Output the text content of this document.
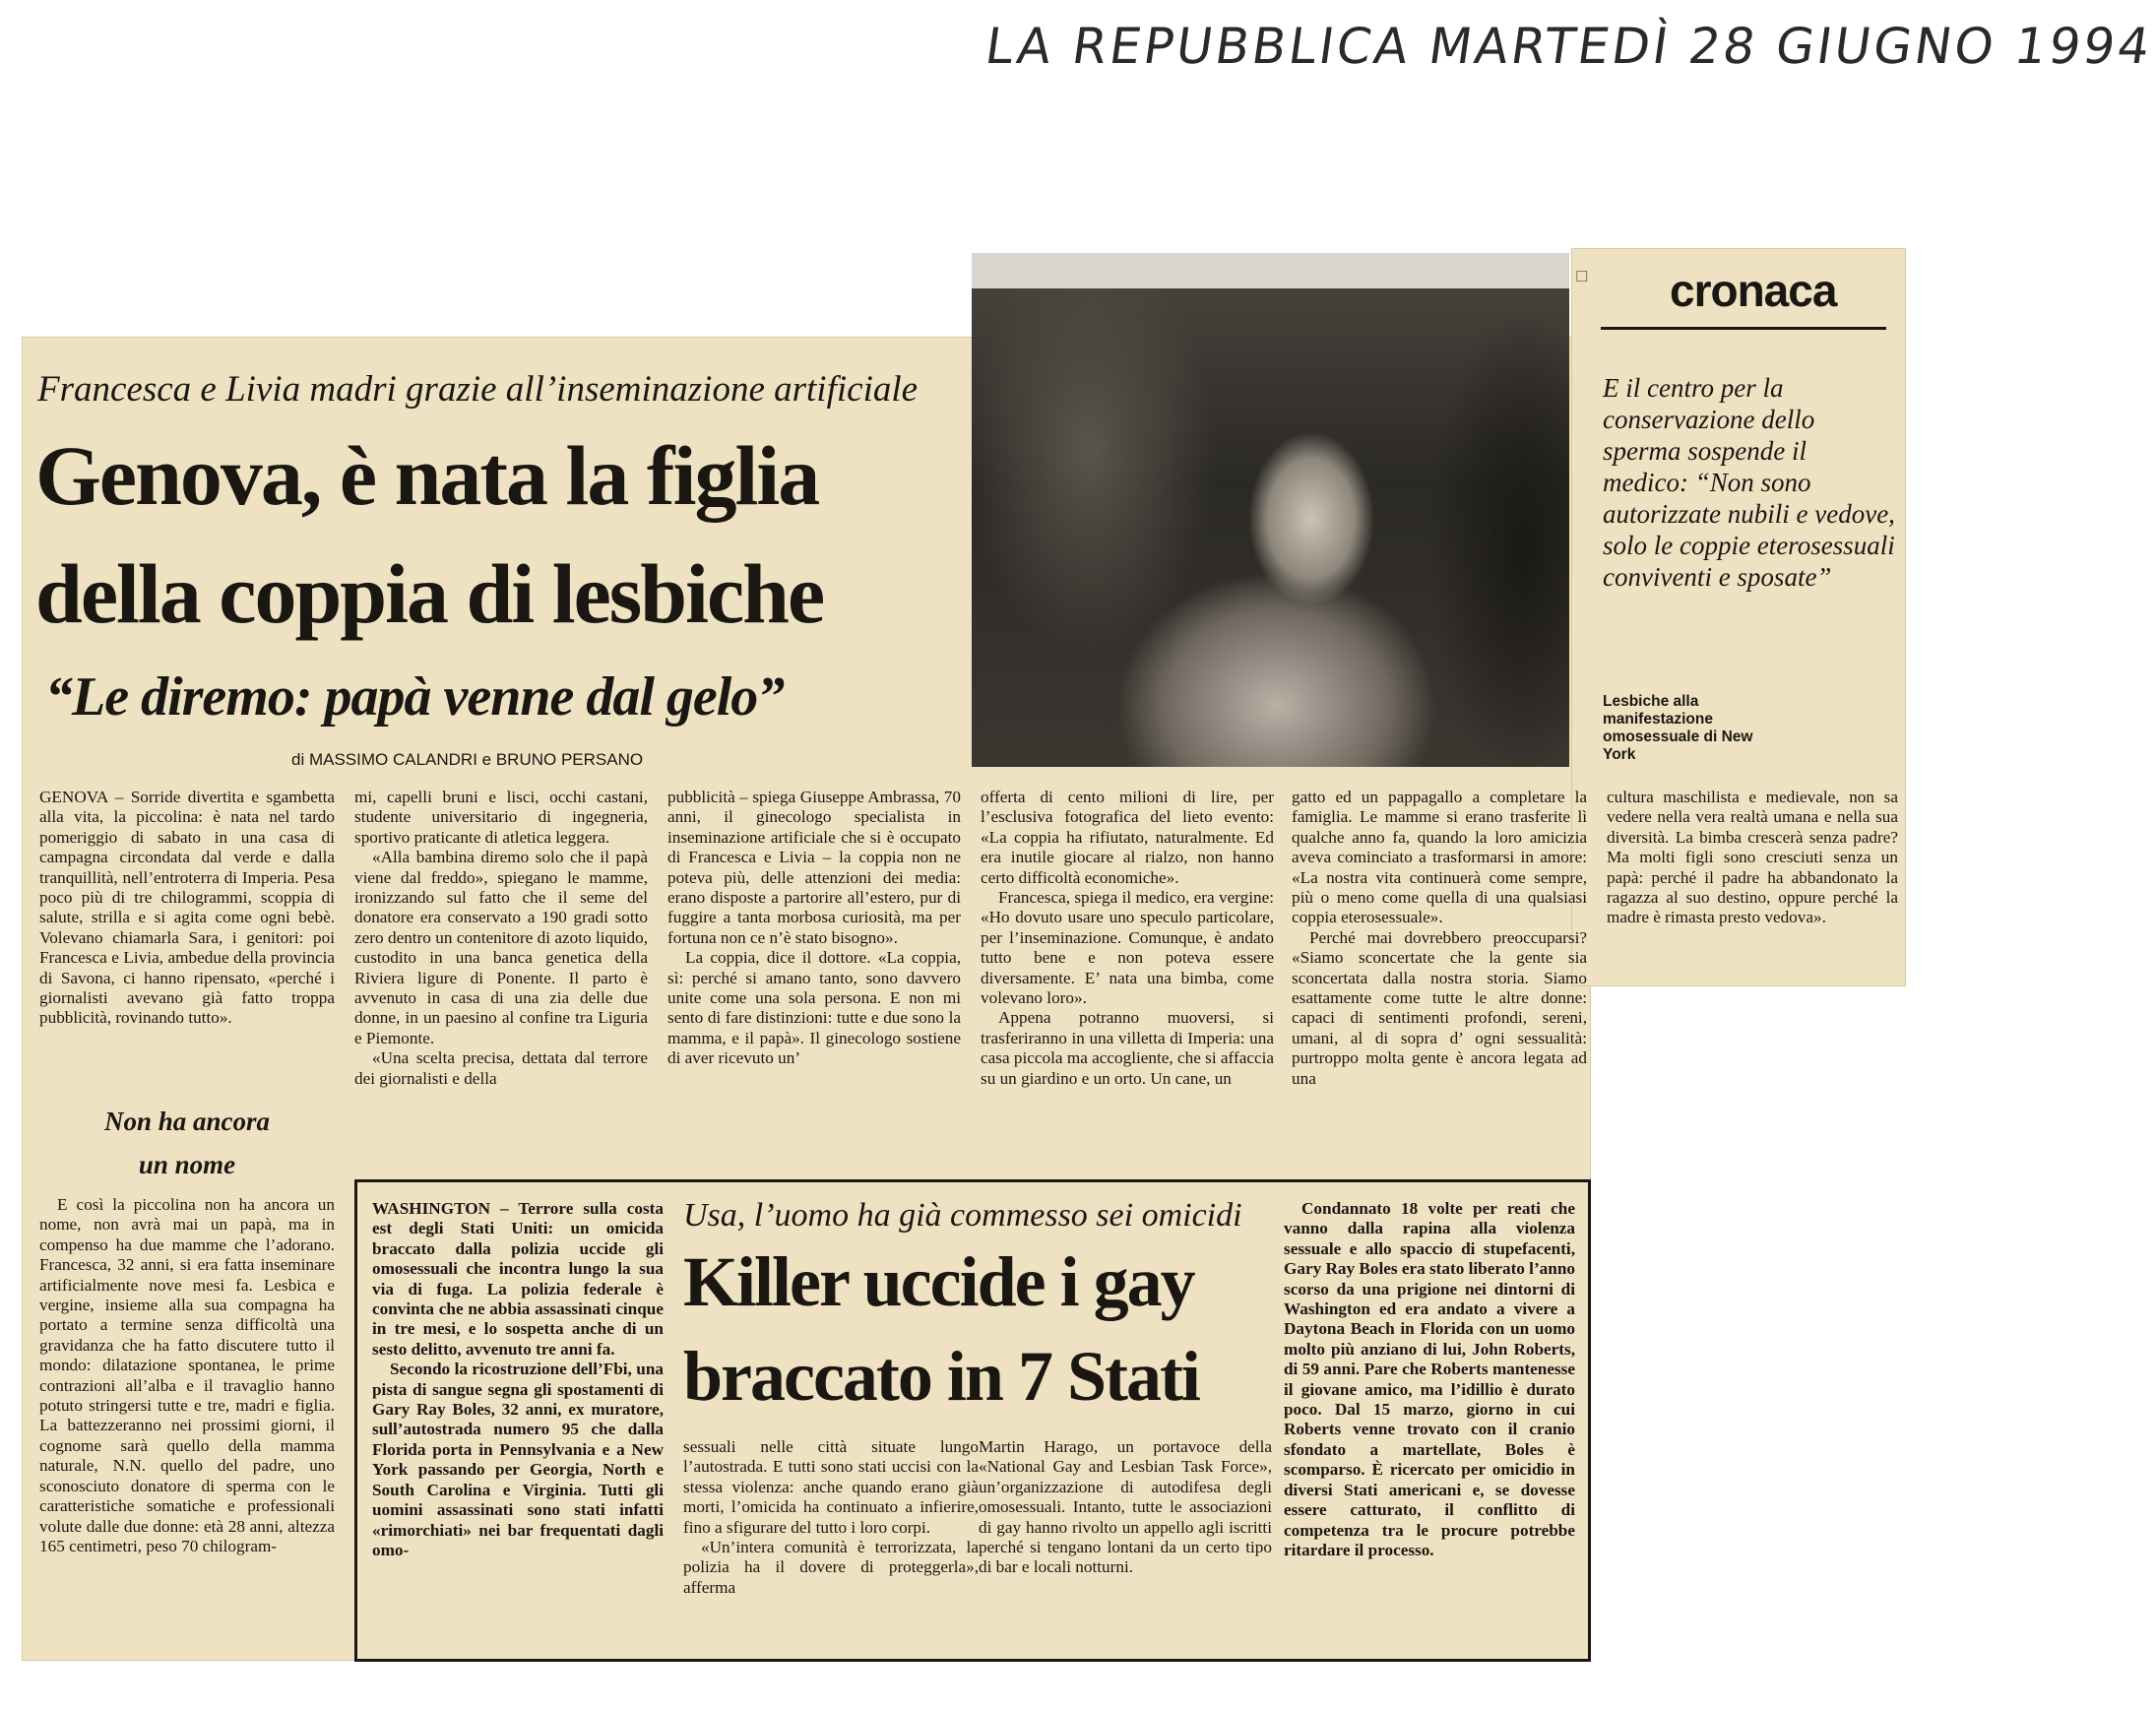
LA REPUBBLICA MARTEDÌ 28 GIUGNO 1994
☐ cronaca
E il centro per la conservazione dello sperma sospende il medico: “Non sono autorizzate nubili e vedove, solo le coppie eterosessuali conviventi e sposate”
Lesbiche alla manifestazione omosessuale di New York
Francesca e Livia madri grazie all’inseminazione artificiale
Genova, è nata la figlia
della coppia di lesbiche
“Le diremo: papà venne dal gelo”
di MASSIMO CALANDRI e BRUNO PERSANO

GENOVA – Sorride divertita e sgambetta alla vita, la piccolina: è nata nel tardo pomeriggio di sabato in una casa di campagna circondata dal verde e dalla tranquillità, nell’entroterra di Imperia. Pesa poco più di tre chilogrammi, scoppia di salute, strilla e si agita come ogni bebè. Volevano chiamarla Sara, i genitori: poi Francesca e Livia, ambedue della provincia di Savona, ci hanno ripensato, «perché i giornalisti avevano già fatto troppa pubblicità, rovinando tutto».

Non ha ancora
un nome

E così la piccolina non ha ancora un nome, non avrà mai un papà, ma in compenso ha due mamme che l’adorano. Francesca, 32 anni, si era fatta inseminare artificialmente nove mesi fa. Lesbica e vergine, insieme alla sua compagna ha portato a termine senza difficoltà una gravidanza che ha fatto discutere tutto il mondo: dilatazione spontanea, le prime contrazioni all’alba e il travaglio hanno potuto stringersi tutte e tre, madri e figlia. La battezzeranno nei prossimi giorni, il cognome sarà quello della mamma naturale, N.N. quello del padre, uno sconosciuto donatore di sperma con le caratteristiche somatiche e professionali volute dalle due donne: età 28 anni, altezza 165 centimetri, peso 70 chilogram-

mi, capelli bruni e lisci, occhi castani, studente universitario di ingegneria, sportivo praticante di atletica leggera.

«Alla bambina diremo solo che il papà viene dal freddo», spiegano le mamme, ironizzando sul fatto che il seme del donatore era conservato a 190 gradi sotto zero dentro un contenitore di azoto liquido, custodito in una banca genetica della Riviera ligure di Ponente. Il parto è avvenuto in casa di una zia delle due donne, in un paesino al confine tra Liguria e Piemonte.

«Una scelta precisa, dettata dal terrore dei giornalisti e della

pubblicità – spiega Giuseppe Ambrassa, 70 anni, il ginecologo specialista in inseminazione artificiale che si è occupato di Francesca e Livia – la coppia non ne poteva più, delle attenzioni dei media: erano disposte a partorire all’estero, pur di fuggire a tanta morbosa curiosità, ma per fortuna non ce n’è stato bisogno».

La coppia, dice il dottore. «La coppia, sì: perché si amano tanto, sono davvero unite come una sola persona. E non mi sento di fare distinzioni: tutte e due sono la mamma, e il papà». Il ginecologo sostiene di aver ricevuto un’

offerta di cento milioni di lire, per l’esclusiva fotografica del lieto evento: «La coppia ha rifiutato, naturalmente. Ed era inutile giocare al rialzo, non hanno certo difficoltà economiche».

Francesca, spiega il medico, era vergine: «Ho dovuto usare uno speculo particolare, per l’inseminazione. Comunque, è andato tutto bene e non poteva essere diversamente. E’ nata una bimba, come volevano loro».

Appena potranno muoversi, si trasferiranno in una villetta di Imperia: una casa piccola ma accogliente, che si affaccia su un giardino e un orto. Un cane, un

gatto ed un pappagallo a completare la famiglia. Le mamme si erano trasferite lì qualche anno fa, quando la loro amicizia aveva cominciato a trasformarsi in amore: «La nostra vita continuerà come sempre, più o meno come quella di una qualsiasi coppia eterosessuale».

Perché mai dovrebbero preoccuparsi? «Siamo sconcertate che la gente sia sconcertata dalla nostra storia. Siamo esattamente come tutte le altre donne: capaci di sentimenti profondi, sereni, umani, al di sopra d’ ogni sessualità: purtroppo molta gente è ancora legata ad una

cultura maschilista e medievale, non sa vedere nella vera realtà umana e nella sua diversità. La bimba crescerà senza padre? Ma molti figli sono cresciuti senza un papà: perché il padre ha abbandonato la ragazza al suo destino, oppure perché la madre è rimasta presto vedova».

Usa, l’uomo ha già commesso sei omicidi
Killer uccide i gay
braccato in 7 Stati

WASHINGTON – Terrore sulla costa est degli Stati Uniti: un omicida braccato dalla polizia uccide gli omosessuali che incontra lungo la sua via di fuga. La polizia federale è convinta che ne abbia assassinati cinque in tre mesi, e lo sospetta anche di un sesto delitto, avvenuto tre anni fa.

Secondo la ricostruzione dell’Fbi, una pista di sangue segna gli spostamenti di Gary Ray Boles, 32 anni, ex muratore, sull’autostrada numero 95 che dalla Florida porta in Pennsylvania e a New York passando per Georgia, North e South Carolina e Virginia. Tutti gli uomini assassinati sono stati infatti «rimorchiati» nei bar frequentati dagli omo-

sessuali nelle città situate lungo l’autostrada. E tutti sono stati uccisi con la stessa violenza: anche quando erano già morti, l’omicida ha continuato a infierire, fino a sfigurare del tutto i loro corpi.

«Un’intera comunità è terrorizzata, la polizia ha il dovere di proteggerla», afferma

Martin Harago, un portavoce della «National Gay and Lesbian Task Force», un’organizzazione di autodifesa degli omosessuali. Intanto, tutte le associazioni di gay hanno rivolto un appello agli iscritti perché si tengano lontani da un certo tipo di bar e locali notturni.

Condannato 18 volte per reati che vanno dalla rapina alla violenza sessuale e allo spaccio di stupefacenti, Gary Ray Boles era stato liberato l’anno scorso da una prigione nei dintorni di Washington ed era andato a vivere a Daytona Beach in Florida con un uomo molto più anziano di lui, John Roberts, di 59 anni. Pare che Roberts mantenesse il giovane amico, ma l’idillio è durato poco. Dal 15 marzo, giorno in cui Roberts venne trovato con il cranio sfondato a martellate, Boles è scomparso. È ricercato per omicidio in diversi Stati americani e, se dovesse essere catturato, il conflitto di competenza tra le procure potrebbe ritardare il processo.
